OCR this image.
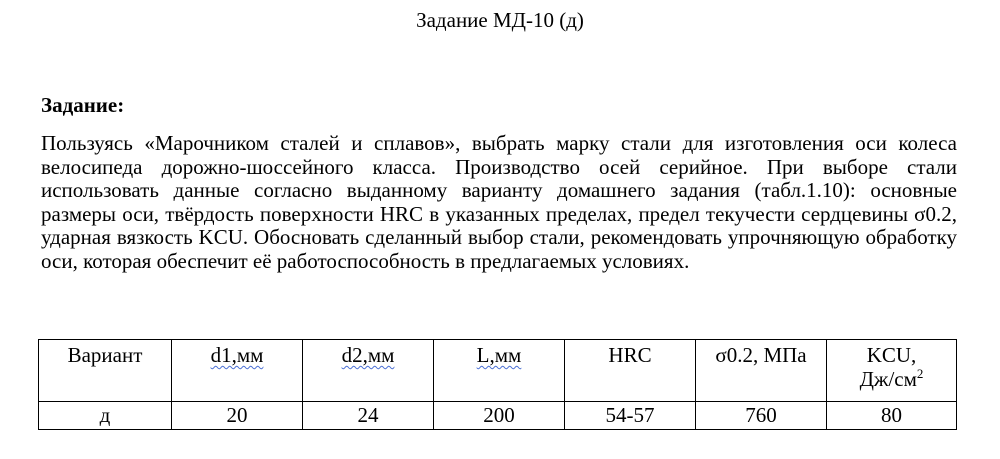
Задание МД-10 (д)
Задание:
Пользуясь «Марочником сталей и сплавов», выбрать марку стали для изготовления оси колеса велосипеда дорожно-шоссейного класса. Производство осей серийное. При выборе стали использовать данные согласно выданному варианту домашнего задания (табл.1.10): основные размеры оси, твёрдость поверхности HRC в указанных пределах, предел текучести сердцевины σ0.2, ударная вязкость KCU. Обосновать сделанный выбор стали, рекомендовать упрочняющую обработку оси, которая обеспечит её работоспособность в предлагаемых условиях.
Вариант	d1,мм	d2,мм	L,мм	HRC	σ0.2, МПа	KCU,
$Дж/см^2$

д	20	24	200	54-57	760	80
